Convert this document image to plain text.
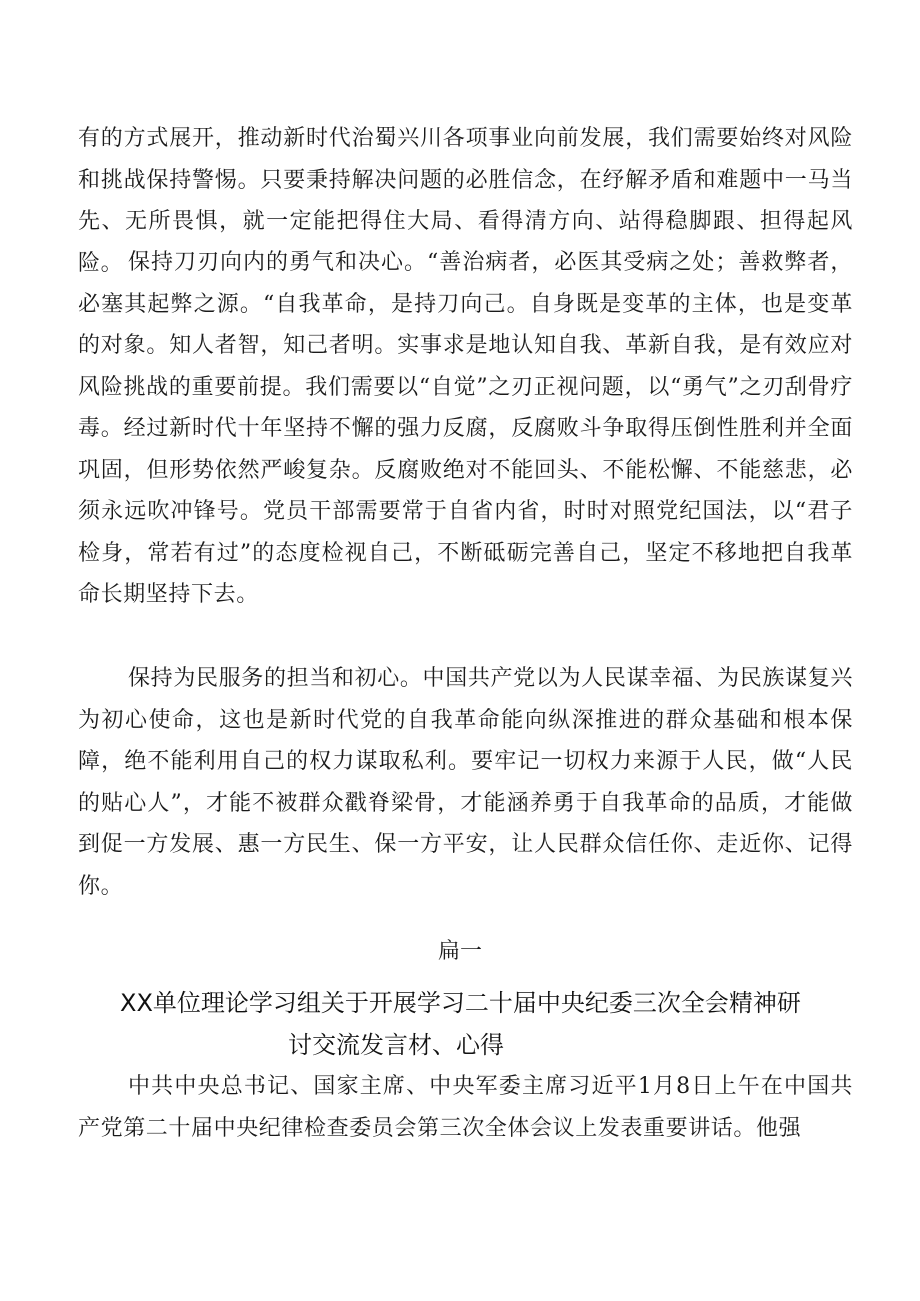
有的方式展开，推动新时代治蜀兴川各项事业向前发展，我们需要始终对风险和挑战保持警惕。只要秉持解决问题的必胜信念，在纾解矛盾和难题中一马当先、无所畏惧，就一定能把得住大局、看得清方向、站得稳脚跟、担得起风险。 保持刀刃向内的勇气和决心。“善治病者，必医其受病之处；善救弊者，必塞其起弊之源。“自我革命，是持刀向己。自身既是变革的主体，也是变革的对象。知人者智，知己者明。实事求是地认知自我、革新自我，是有效应对风险挑战的重要前提。我们需要以“自觉”之刃正视问题，以“勇气”之刃刮骨疗毒。经过新时代十年坚持不懈的强力反腐，反腐败斗争取得压倒性胜利并全面巩固，但形势依然严峻复杂。反腐败绝对不能回头、不能松懈、不能慈悲，必须永远吹冲锋号。党员干部需要常于自省内省，时时对照党纪国法，以“君子检身，常若有过”的态度检视自己，不断砥砺完善自己，坚定不移地把自我革命长期坚持下去。

保持为民服务的担当和初心。中国共产党以为人民谋幸福、为民族谋复兴为初心使命，这也是新时代党的自我革命能向纵深推进的群众基础和根本保障，绝不能利用自己的权力谋取私利。要牢记一切权力来源于人民，做“人民的贴心人”，才能不被群众戳脊梁骨，才能涵养勇于自我革命的品质，才能做到促一方发展、惠一方民生、保一方平安，让人民群众信任你、走近你、记得你。

扁一

XX单位理论学习组关于开展学习二十届中央纪委三次全会精神研
讨交流发言材、心得

中共中央总书记、国家主席、中央军委主席习近平1月8日上午在中国共产党第二十届中央纪律检查委员会第三次全体会议上发表重要讲话。他强
